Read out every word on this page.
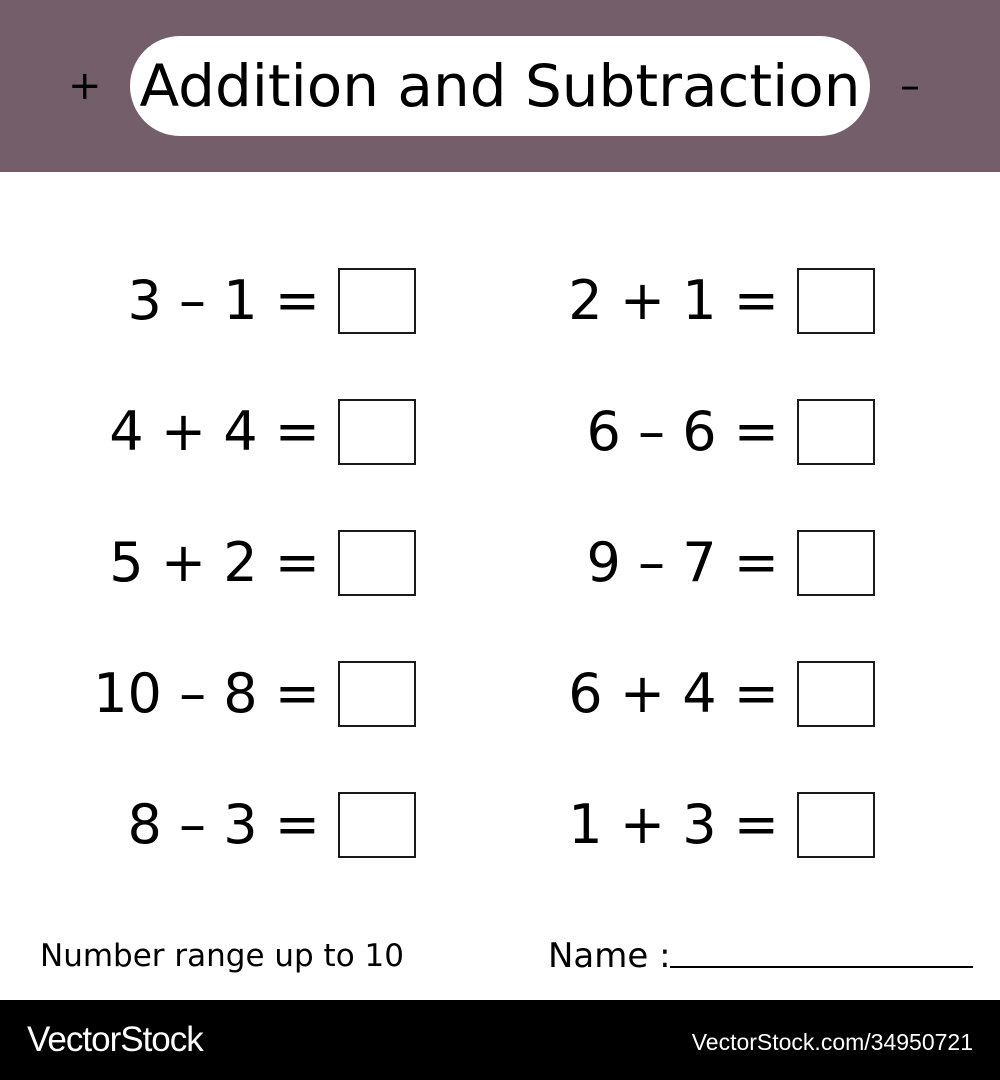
+ Addition and Subtraction –
3 – 1 =
4 + 4 =
5 + 2 =
10 – 8 =
8 – 3 =
2 + 1 =
6 – 6 =
9 – 7 =
6 + 4 =
1 + 3 =
Number range up to 10	Name :
VectorStock	VectorStock.com/34950721
